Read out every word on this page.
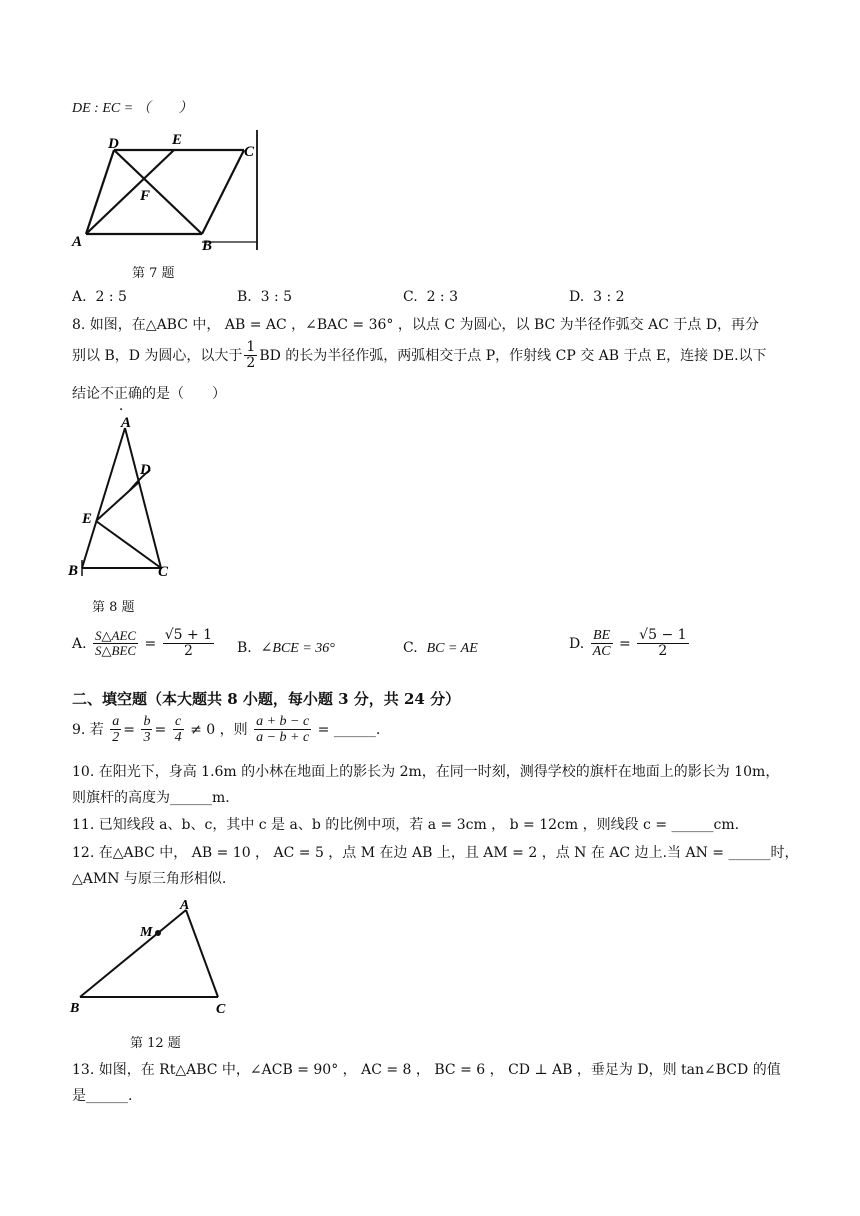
DE : EC = （　　）
D	E
C
F
A	B
第 7 题
A. 2 : 5	B. 3 : 5	C. 2 : 3	D. 3 : 2
8. 如图，在△ABC 中， AB = AC ，∠BAC = 36° ，以点 C 为圆心，以 BC 为半径作弧交 AC 于点 D，再分
别以 B，D 为圆心，以大于 $\frac{1}{2}$ BD 的长为半径作弧，两弧相交于点 P，作射线 CP 交 AB 于点 E，连接 DE.以下
结论不正确的是（　　）
A
D
E
B	C
第 8 题
A. $\frac{\text{S△AEC}}{\text{S△BEC}} = \frac{√5 + 1}{2} B$. ∠BCE = 36°	C. BC = AE	D. $\frac{BE}{AC} = \frac{√5 - 1}{2}$
二、填空题（本大题共 8 小题，每小题 3 分，共 24 分）
9. 若 $\frac{a}{2} = \frac{b}{3} = \frac{c}{4} \ne 0$ ，则 $\frac{a + b - c}{a - b + c}$ = ______.
10. 在阳光下，身高 1.6m 的小林在地面上的影长为 2m，在同一时刻，测得学校的旗杆在地面上的影长为 10m，
则旗杆的高度为______m.
11. 已知线段 a、b、c，其中 c 是 a、b 的比例中项，若 a = 3cm ， b = 12cm ，则线段 c = ______cm.
12. 在△ABC 中， AB = 10 ， AC = 5 ，点 M 在边 AB 上，且 AM = 2 ，点 N 在 AC 边上.当 AN = ______时，
△AMN 与原三角形相似.
A
M
B	C
第 12 题
13. 如图，在 Rt△ABC 中，∠ACB = 90° ， AC = 8 ， BC = 6 ， CD ⊥ AB ，垂足为 D，则 tan∠BCD 的值
是______.
